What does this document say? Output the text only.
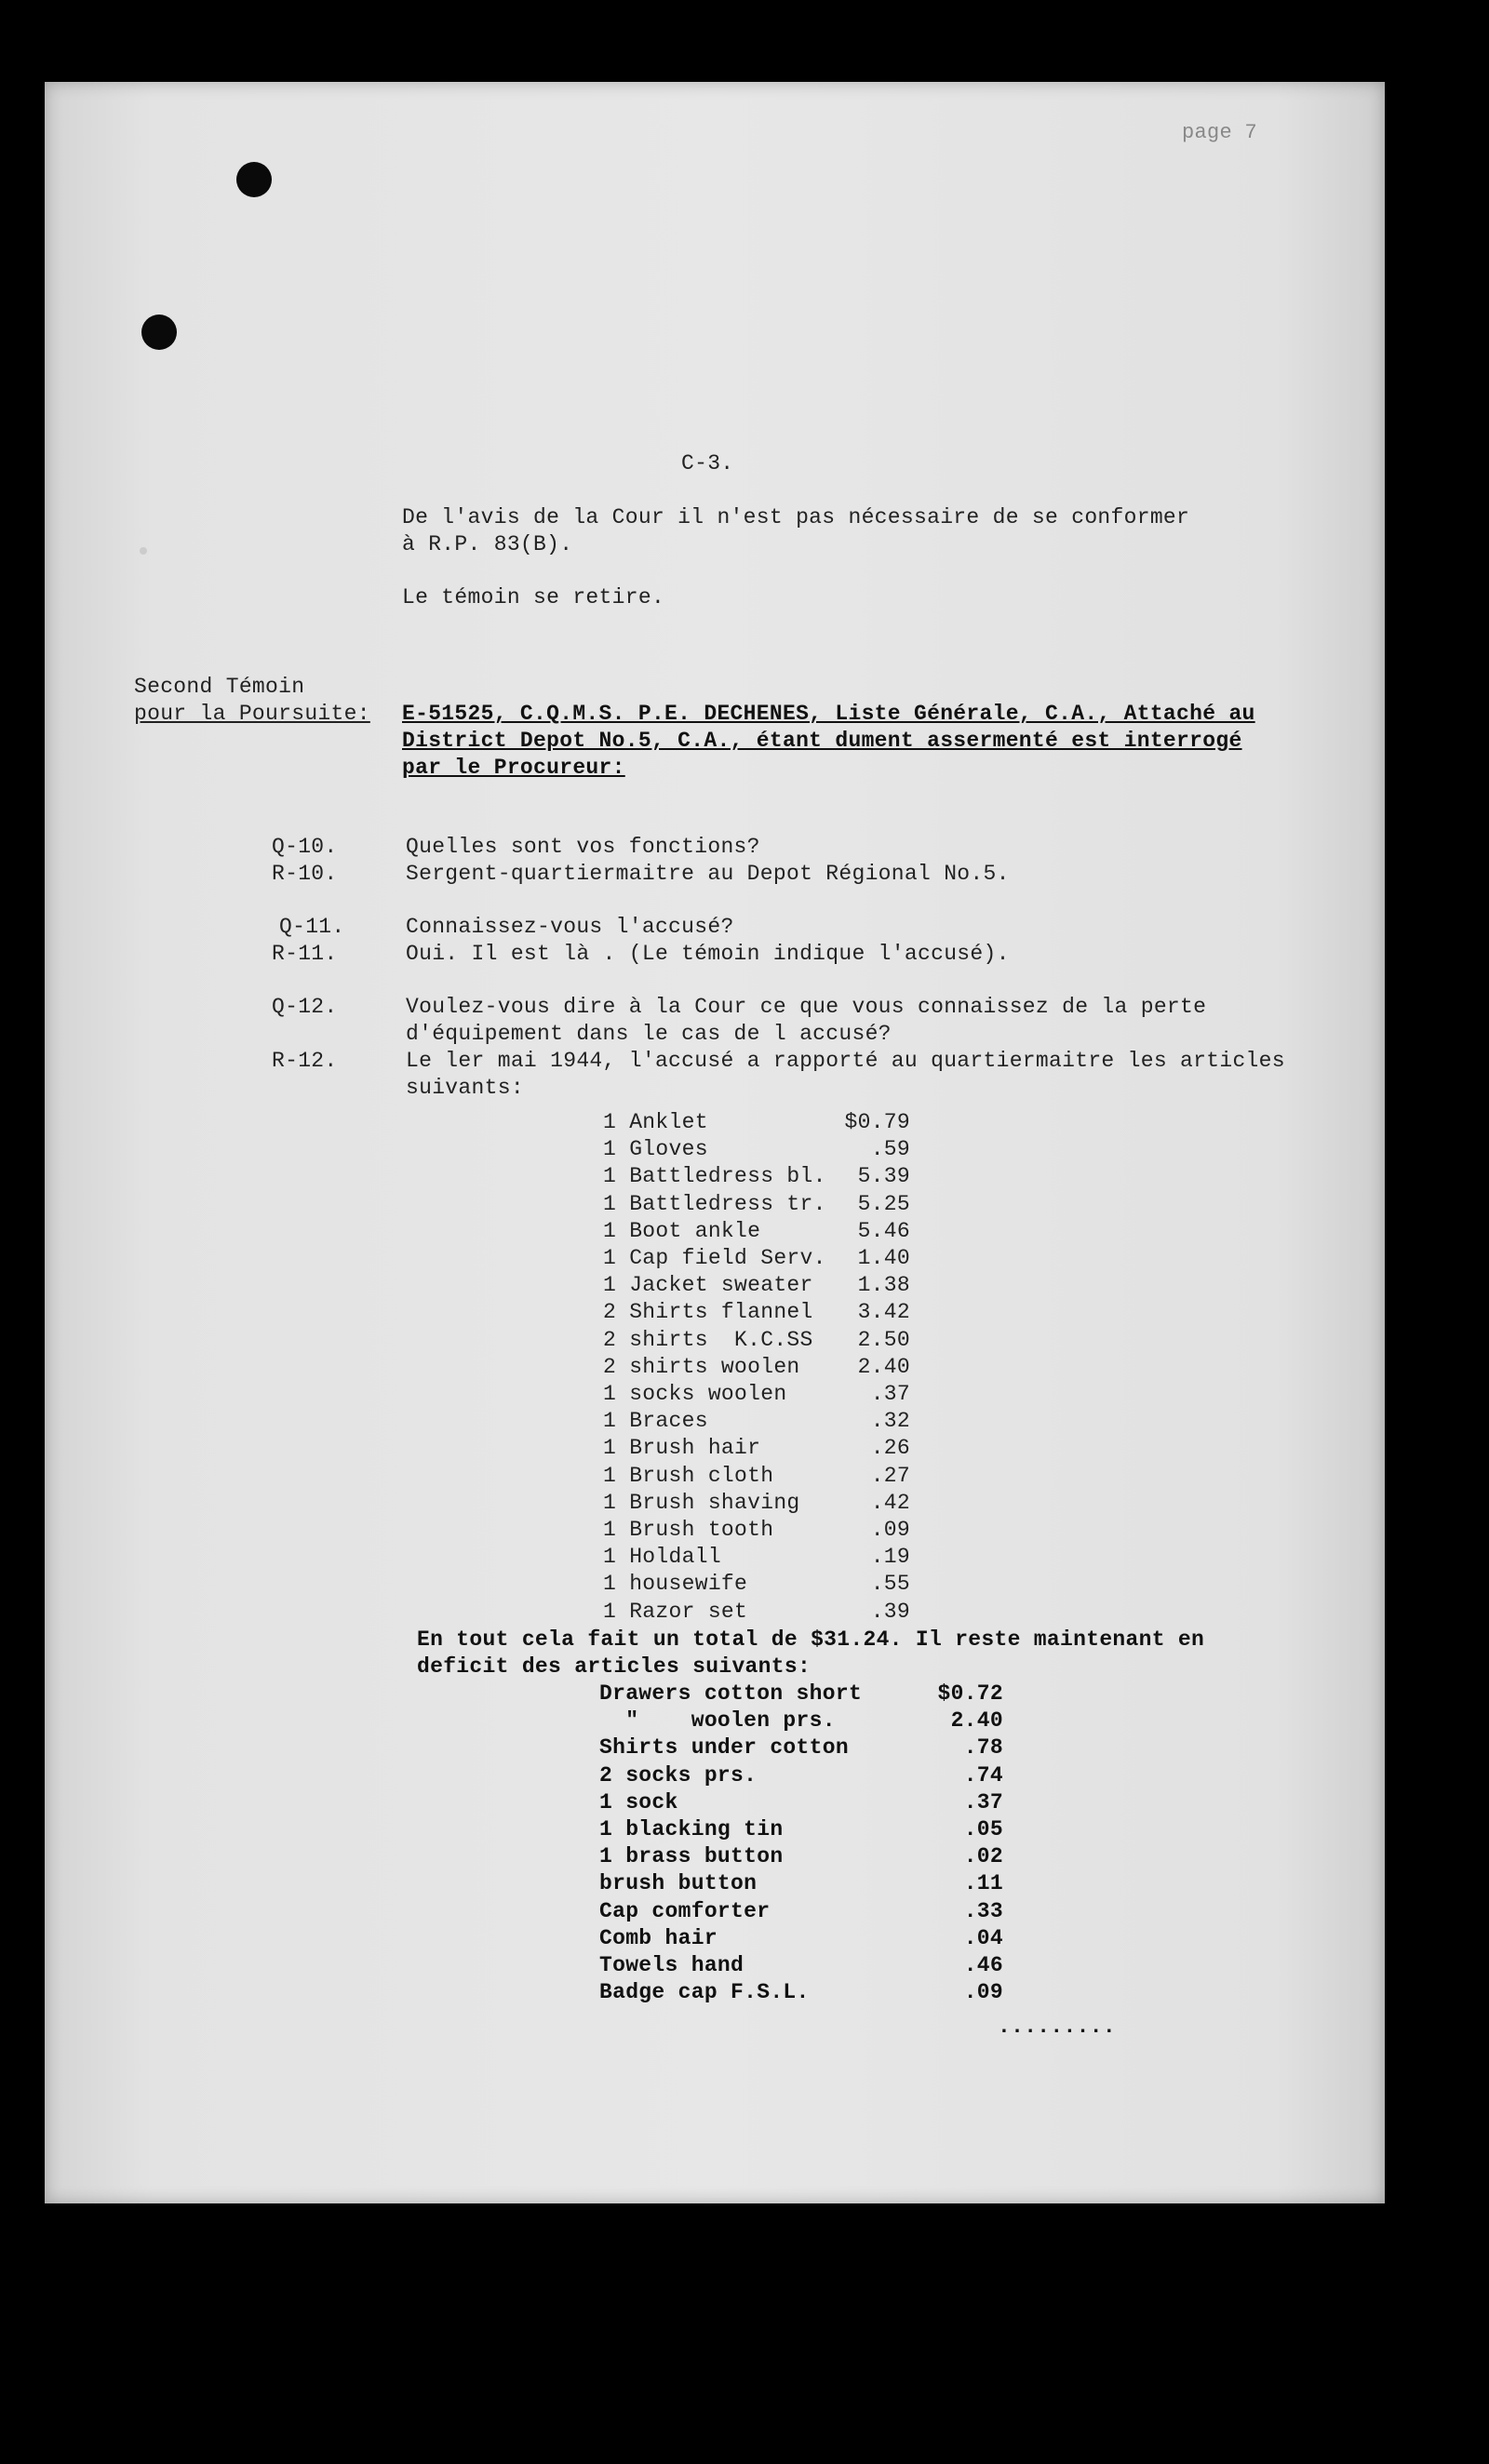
page 7
C-3.
De l'avis de la Cour il n'est pas nécessaire de se conformer
à R.P. 83(B).
Le témoin se retire.
Second Témoin
pour la Poursuite: E-51525, C.Q.M.S. P.E. DECHENES, Liste Générale, C.A., Attaché au
District Depot No.5, C.A., étant dument assermenté est interrogé
par le Procureur:
Q-10.	Quelles sont vos fonctions?
R-10.	Sergent-quartiermaitre au Depot Régional No.5.
Q-11.	Connaissez-vous l'accusé?
R-11.	Oui. Il est là . (Le témoin indique l'accusé).
Q-12.	Voulez-vous dire à la Cour ce que vous connaissez de la perte
d'équipement dans le cas de l accusé?
R-12.	Le ler mai 1944, l'accusé a rapporté au quartiermaitre les articles
suivants:
1 Anklet	$0.79
1 Gloves	.59
1 Battledress bl. 5.39
1 Battledress tr. 5.25
1 Boot ankle	5.46
1 Cap field Serv. 1.40
1 Jacket sweater 1.38
2 Shirts flannel 3.42
2 shirts  K.C.SS 2.50
2 shirts woolen	2.40
1 socks woolen	.37
1 Braces	.32
1 Brush hair	.26
1 Brush cloth	.27
1 Brush shaving	.42
1 Brush tooth	.09
1 Holdall	.19
1 housewife	.55
1 Razor set	.39
En tout cela fait un total de $31.24. Il reste maintenant en
deficit des articles suivants:
Drawers cotton short	$0.72
"    woolen prs.	2.40
Shirts under cotton	.78
2 socks prs.	.74
1 sock	.37
1 blacking tin	.05
1 brass button	.02
brush button	.11
Cap comforter	.33
Comb hair	.04
Towels hand	.46
Badge cap F.S.L.	.09
.........
